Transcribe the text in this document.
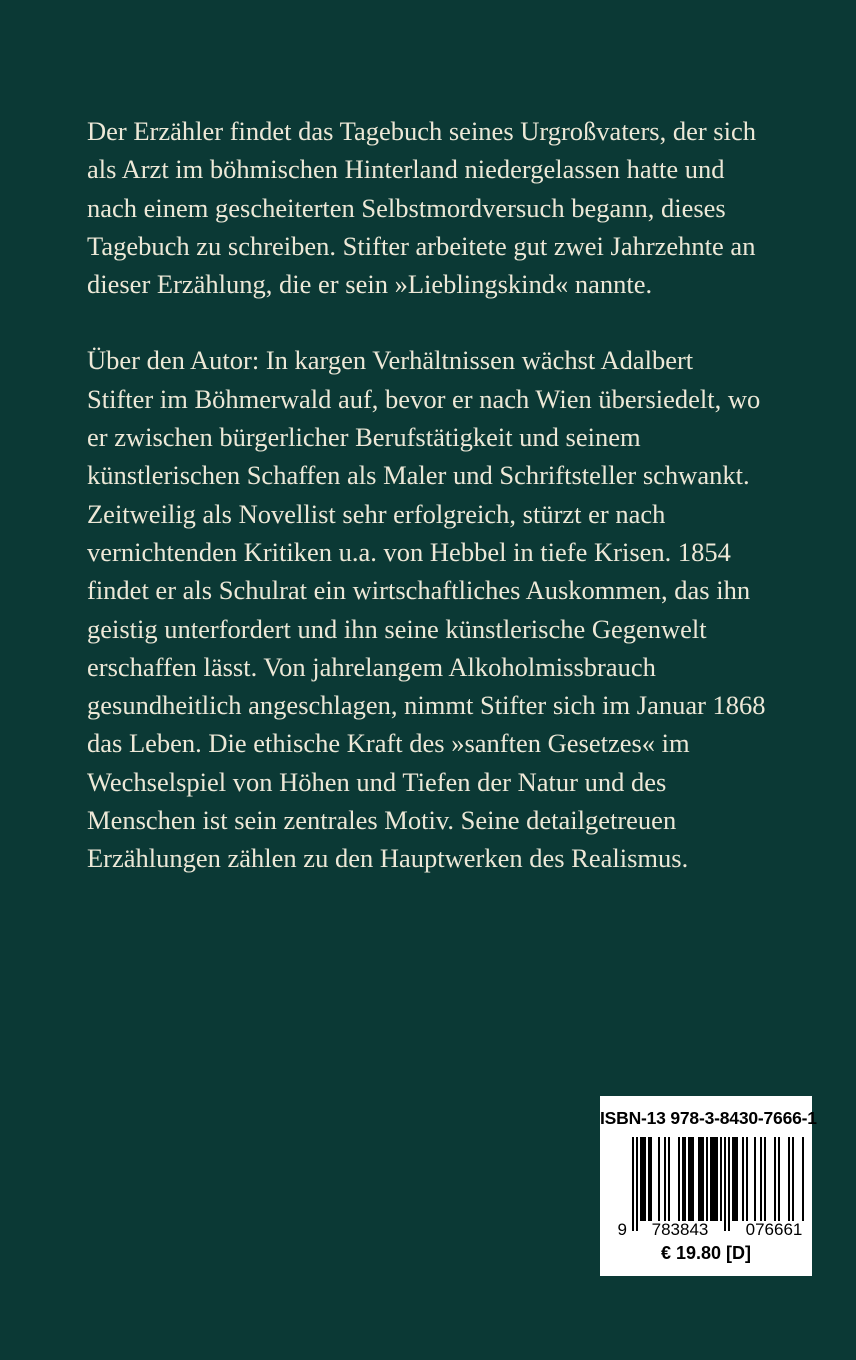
Der Erzähler findet das Tagebuch seines Urgroßvaters, der sich
als Arzt im böhmischen Hinterland niedergelassen hatte und
nach einem gescheiterten Selbstmordversuch begann, dieses
Tagebuch zu schreiben. Stifter arbeitete gut zwei Jahrzehnte an
dieser Erzählung, die er sein »Lieblingskind« nannte.
Über den Autor: In kargen Verhältnissen wächst Adalbert
Stifter im Böhmerwald auf, bevor er nach Wien übersiedelt, wo
er zwischen bürgerlicher Berufstätigkeit und seinem
künstlerischen Schaffen als Maler und Schriftsteller schwankt.
Zeitweilig als Novellist sehr erfolgreich, stürzt er nach
vernichtenden Kritiken u.a. von Hebbel in tiefe Krisen. 1854
findet er als Schulrat ein wirtschaftliches Auskommen, das ihn
geistig unterfordert und ihn seine künstlerische Gegenwelt
erschaffen lässt. Von jahrelangem Alkoholmissbrauch
gesundheitlich angeschlagen, nimmt Stifter sich im Januar 1868
das Leben. Die ethische Kraft des »sanften Gesetzes« im
Wechselspiel von Höhen und Tiefen der Natur und des
Menschen ist sein zentrales Motiv. Seine detailgetreuen
Erzählungen zählen zu den Hauptwerken des Realismus.
ISBN-13 978-3-8430-7666-1
9 783843 076661
€ 19.80 [D]
